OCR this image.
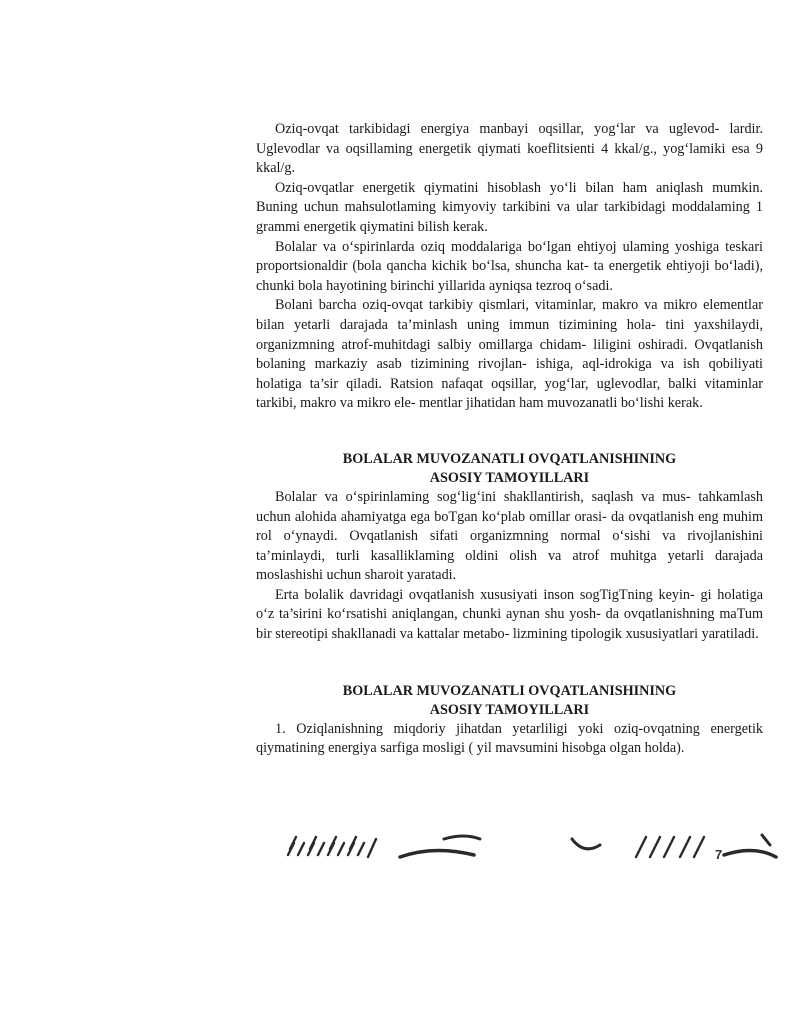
Oziq-ovqat tarkibidagi energiya manbayi oqsillar, yog‘lar va uglevod- lardir. Uglevodlar va oqsillaming energetik qiymati koeflitsienti 4 kkal/g., yog‘lamiki esa 9 kkal/g.

Oziq-ovqatlar energetik qiymatini hisoblash yo‘li bilan ham aniqlash mumkin. Buning uchun mahsulotlaming kimyoviy tarkibini va ular tarkibidagi moddalaming 1 grammi energetik qiymatini bilish kerak.

Bolalar va o‘spirinlarda oziq moddalariga bo‘lgan ehtiyoj ulaming yoshiga teskari proportsionaldir (bola qancha kichik bo‘lsa, shuncha kat- ta energetik ehtiyoji bo‘ladi), chunki bola hayotining birinchi yillarida ayniqsa tezroq o‘sadi.

Bolani barcha oziq-ovqat tarkibiy qismlari, vitaminlar, makro va mikro elementlar bilan yetarli darajada ta’minlash uning immun tizimining hola- tini yaxshilaydi, organizmning atrof-muhitdagi salbiy omillarga chidam- liligini oshiradi. Ovqatlanish bolaning markaziy asab tizimining rivojlan- ishiga, aql-idrokiga va ish qobiliyati holatiga ta’sir qiladi. Ratsion nafaqat oqsillar, yog‘lar, uglevodlar, balki vitaminlar tarkibi, makro va mikro ele- mentlar jihatidan ham muvozanatli bo‘lishi kerak.

BOLALAR MUVOZANATLI OVQATLANISHINING

ASOSIY TAMOYILLARI

Bolalar va o‘spirinlaming sog‘lig‘ini shakllantirish, saqlash va mus- tahkamlash uchun alohida ahamiyatga ega boTgan ko‘plab omillar orasi- da ovqatlanish eng muhim rol o‘ynaydi. Ovqatlanish sifati organizmning normal o‘sishi va rivojlanishini ta’minlaydi, turli kasalliklaming oldini olish va atrof muhitga yetarli darajada moslashishi uchun sharoit yaratadi.

Erta bolalik davridagi ovqatlanish xususiyati inson sogTigTning keyin- gi holatiga o‘z ta’sirini ko‘rsatishi aniqlangan, chunki aynan shu yosh- da ovqatlanishning maTum bir stereotipi shakllanadi va kattalar metabo- lizmining tipologik xususiyatlari yaratiladi.

BOLALAR MUVOZANATLI OVQATLANISHINING

ASOSIY TAMOYILLARI

1. Oziqlanishning miqdoriy jihatdan yetarliligi yoki oziq-ovqatning energetik qiymatining energiya sarfiga mosligi ( yil mavsumini hisobga olgan holda).

7
